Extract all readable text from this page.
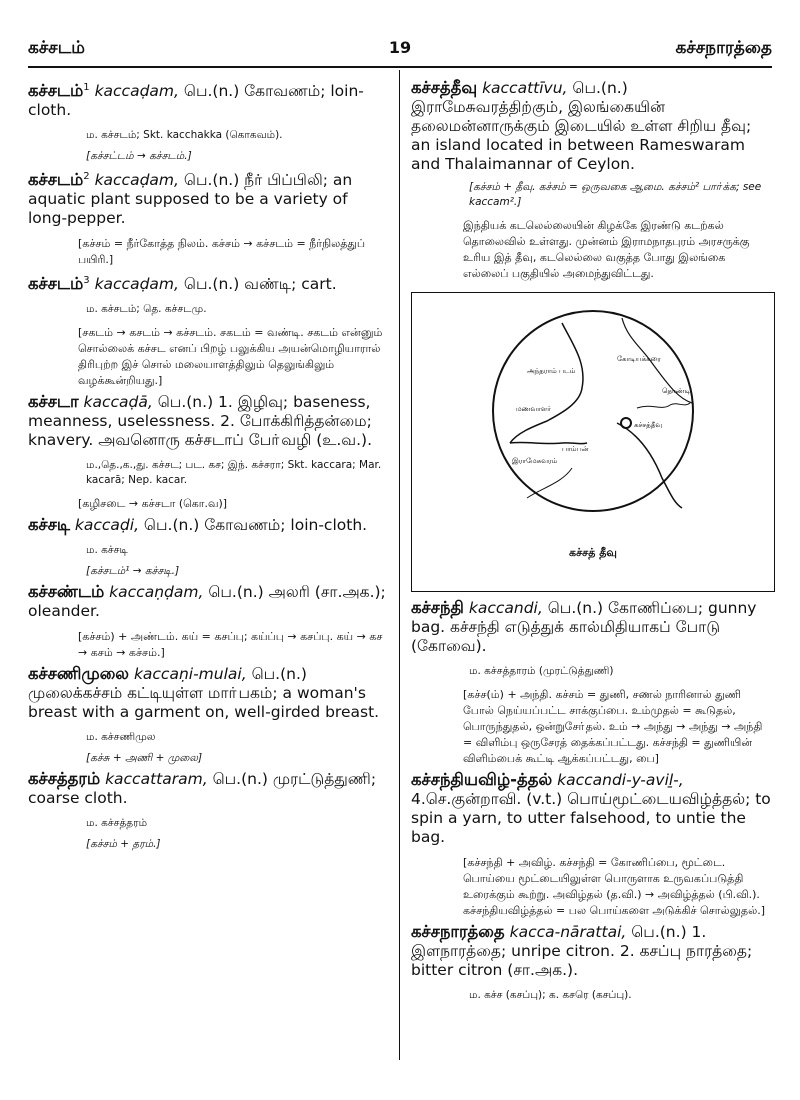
கச்சடம்	19	கச்சநாரத்தை

கச்சடம்$^1$ kaccaḍam, பெ.(n.) கோவணம்; loin-cloth.

ம. கச்சடம்; Skt. kacchakka (கொகவம்).
[கச்சட்டம் → கச்சடம்.]

கச்சடம்$^2$ kaccaḍam, பெ.(n.) நீர் பிப்பிலி; an aquatic plant supposed to be a variety of long-pepper.

[கச்சம் = நீர்கோத்த நிலம். கச்சம் → கச்சடம் = நீர்நிலத்துப் பயிரி.]

கச்சடம்$^3$ kaccaḍam, பெ.(n.) வண்டி; cart.

ம. கச்சடம்; தெ. கச்சடமு.
[சகடம் → கசடம் → கச்சடம். சகடம் = வண்டி. சகடம் என்னும் சொல்லைக் கச்சட எனப் பிறழ் பலுக்கிய அயன்மொழியாரால் திரிபுற்ற இச் சொல் மலையாளத்திலும் தெலுங்கிலும் வழக்கூன்றியது.]

கச்சடா kaccaḍā, பெ.(n.) 1. இழிவு; baseness, meanness, uselessness. 2. போக்கிரித்தன்மை; knavery. அவனொரு கச்சடாப் போ்வழி (உ.வ.).

ம.,தெ.,க.,து. கச்சட; பட. கச; இந். கச்சரா; Skt. kaccara; Mar. kacarā; Nep. kacar.
[கழிசடை → கச்சடா (கொ.வ)]

கச்சடி kaccaḍi, பெ.(n.) கோவணம்; loin-cloth.

ம. கச்சடி
[கச்சடம்¹ → கச்சடி.]

கச்சண்டம் kaccaṇḍam, பெ.(n.) அலரி (சா.அக.); oleander.

[கச்சம்) + அண்டம். கய் = கசப்பு; கய்ப்பு → கசப்பு. கய் → கச → கசம் → கச்சம்.]

கச்சணிமுலை kaccaṇi-mulai, பெ.(n.) முலைக்கச்சம் கட்டியுள்ள மாா்பகம்; a woman's breast with a garment on, well-girded breast.

ம. கச்சணிமுல
[கச்சு + அணி + முலை]

கச்சத்தரம் kaccattaram, பெ.(n.) முரட்டுத்துணி; coarse cloth.

ம. கச்சத்தரம்
[கச்சம் + தரம்.]

கச்சத்தீவு kaccattīvu, பெ.(n.) இராமேசுவரத்திற்கும், இலங்கையின் தலைமன்னாருக்கும் இடையில் உள்ள சிறிய தீவு; an island located in between Rameswaram and Thalaimannar of Ceylon.

[கச்சம் + தீவு. கச்சம் = ஒருவகை ஆமை. கச்சம்² பாா்க்க; see kaccam².]
இந்தியக் கடலெல்லையின் கிழக்கே இரண்டு கடற்கல் தொலைவில் உள்ளது. முன்னம் இராமநாதபுரம் அரசருக்கு உரிய இத் தீவு, கடலெல்லை வகுத்த போது இலங்கை எல்லைப் பகுதியில் அமைந்துவிட்டது.
அந்தராம் படம்
கோடியக்கரை
மணவாளர்
பாம்பன்
கச்சத்தீவு
இராமேசுவரம்
தொண்டி
கச்சத் தீவு

கச்சந்தி kaccandi, பெ.(n.) கோணிப்பை; gunny bag. கச்சந்தி எடுத்துக் கால்மிதியாகப் போடு (கோவை).

ம. கச்சத்தாரம் (முரட்டுத்துணி)
[கச்ச(ம்) + அந்தி. கச்சம் = துணி, சணல் நாரினால் துணி போல் நெய்யப்பட்ட சாக்குப்பை. உம்முதல் = கூடுதல், பொருந்துதல், ஒன்றுசோ்தல். உம் → அந்து → அந்து → அந்தி = விளிம்பு ஒருசேரத் தைக்கப்பட்டது. கச்சந்தி = துணியின் விளிம்பைக் கூட்டி ஆக்கப்பட்டது, பை]

கச்சந்தியவிழ்-த்தல் kaccandi-y-aviḻ-, 4.செ.குன்றாவி. (v.t.) பொய்மூட்டையவிழ்த்தல்; to spin a yarn, to utter falsehood, to untie the bag.

[கச்சந்தி + அவிழ். கச்சந்தி = கோணிப்பை, மூட்டை. பொய்யை மூட்டையிலுள்ள பொருளாக உருவகப்படுத்தி உரைக்கும் கூற்று. அவிழ்தல் (த.வி.) → அவிழ்த்தல் (பி.வி.). கச்சந்தியவிழ்த்தல் = பல பொய்களை அடுக்கிச் சொல்லுதல்.]

கச்சநாரத்தை kacca-nārattai, பெ.(n.) 1. இளநாரத்தை; unripe citron. 2. கசப்பு நாரத்தை; bitter citron (சா.அக.).

ம. கச்ச (கசப்பு); க. கசரெ (கசப்பு).
